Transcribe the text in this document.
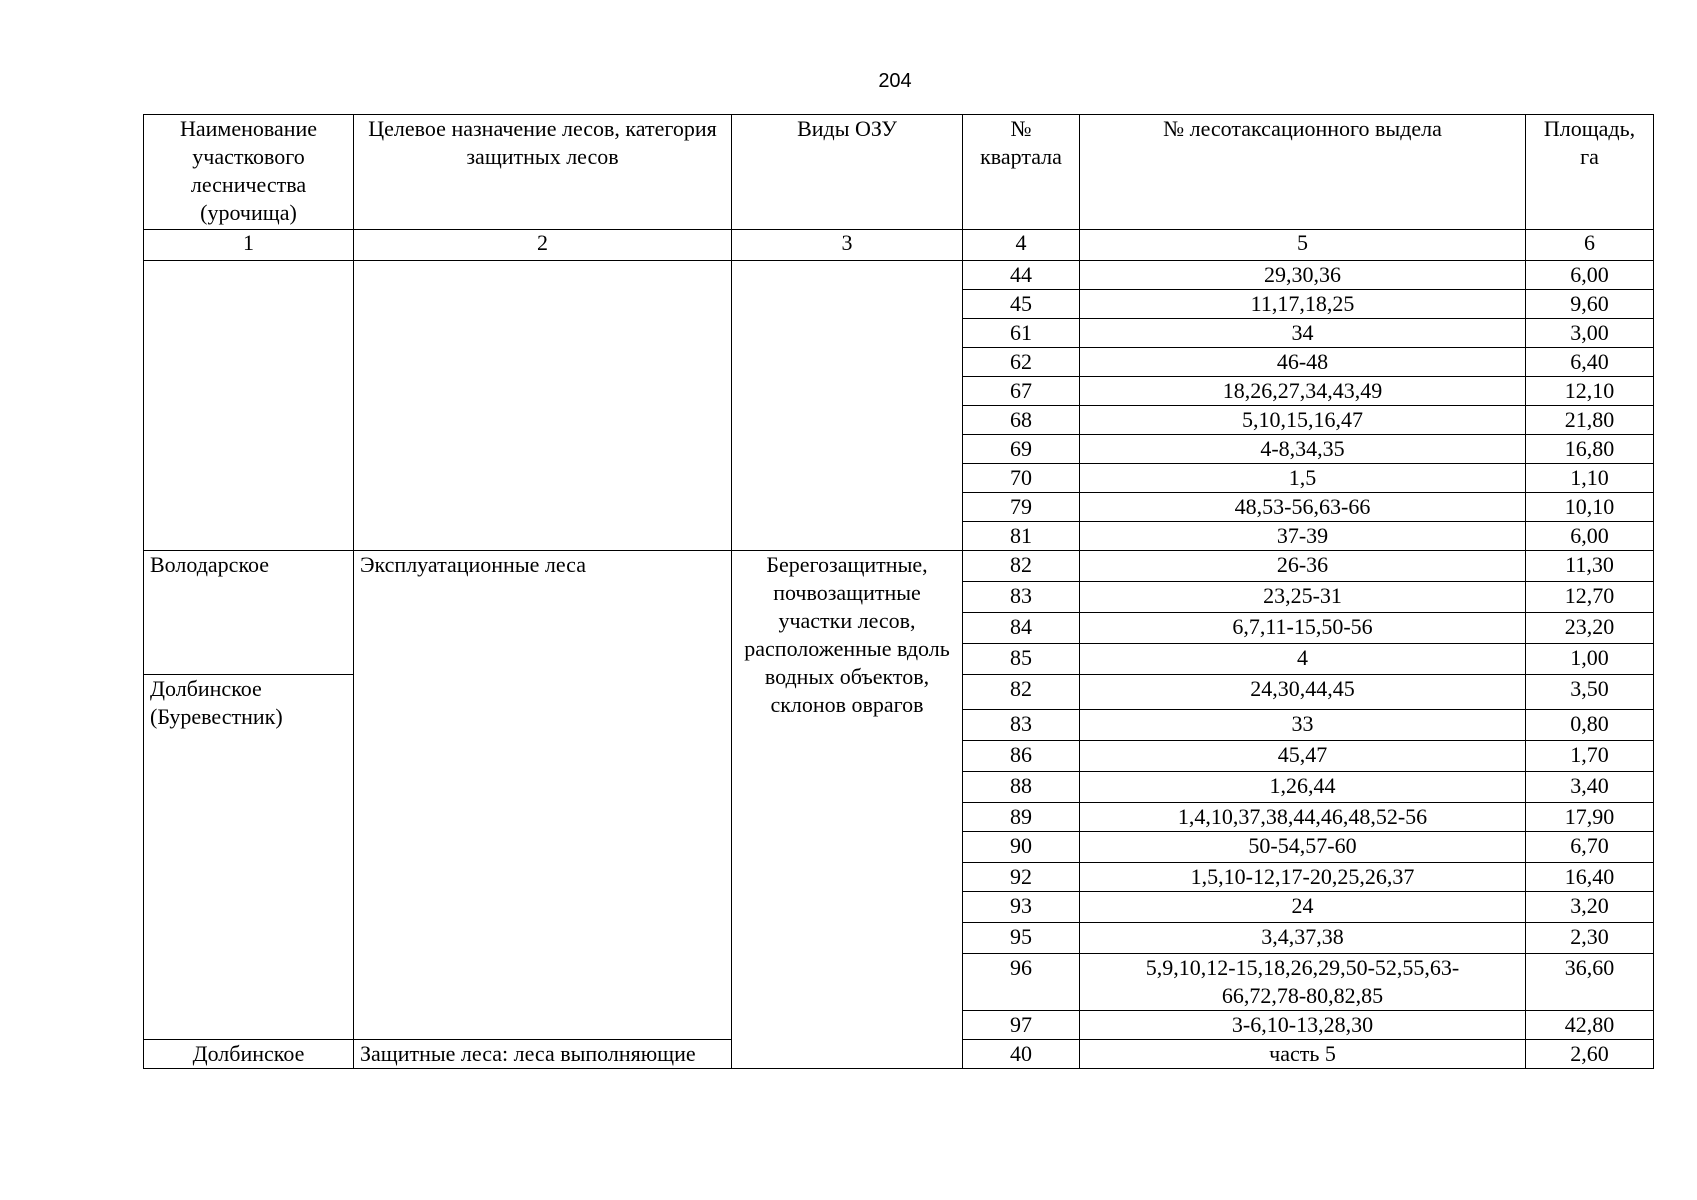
204
Наименование участкового лесничества (урочища)	Целевое назначение лесов, категория защитных лесов	Виды ОЗУ	№ квартала	№ лесотаксационного выдела	Площадь, га
1	2	3	4	5	6
			44	29,30,36	6,00
			45	11,17,18,25	9,60
			61	34	3,00
			62	46-48	6,40
			67	18,26,27,34,43,49	12,10
			68	5,10,15,16,47	21,80
			69	4-8,34,35	16,80
			70	1,5	1,10
			79	48,53-56,63-66	10,10
			81	37-39	6,00
Володарское	Эксплуатационные леса	Берегозащитные, почвозащитные участки лесов, расположенные вдоль водных объектов, склонов оврагов	82	26-36	11,30
			83	23,25-31	12,70
			84	6,7,11-15,50-56	23,20
			85	4	1,00
Долбинское (Буревестник)			82	24,30,44,45	3,50
			83	33	0,80
			86	45,47	1,70
			88	1,26,44	3,40
			89	1,4,10,37,38,44,46,48,52-56	17,90
			90	50-54,57-60	6,70
			92	1,5,10-12,17-20,25,26,37	16,40
			93	24	3,20
			95	3,4,37,38	2,30
			96	5,9,10,12-15,18,26,29,50-52,55,63-66,72,78-80,82,85	36,60
			97	3-6,10-13,28,30	42,80
Долбинское	Защитные леса: леса выполняющие		40	часть 5	2,60
